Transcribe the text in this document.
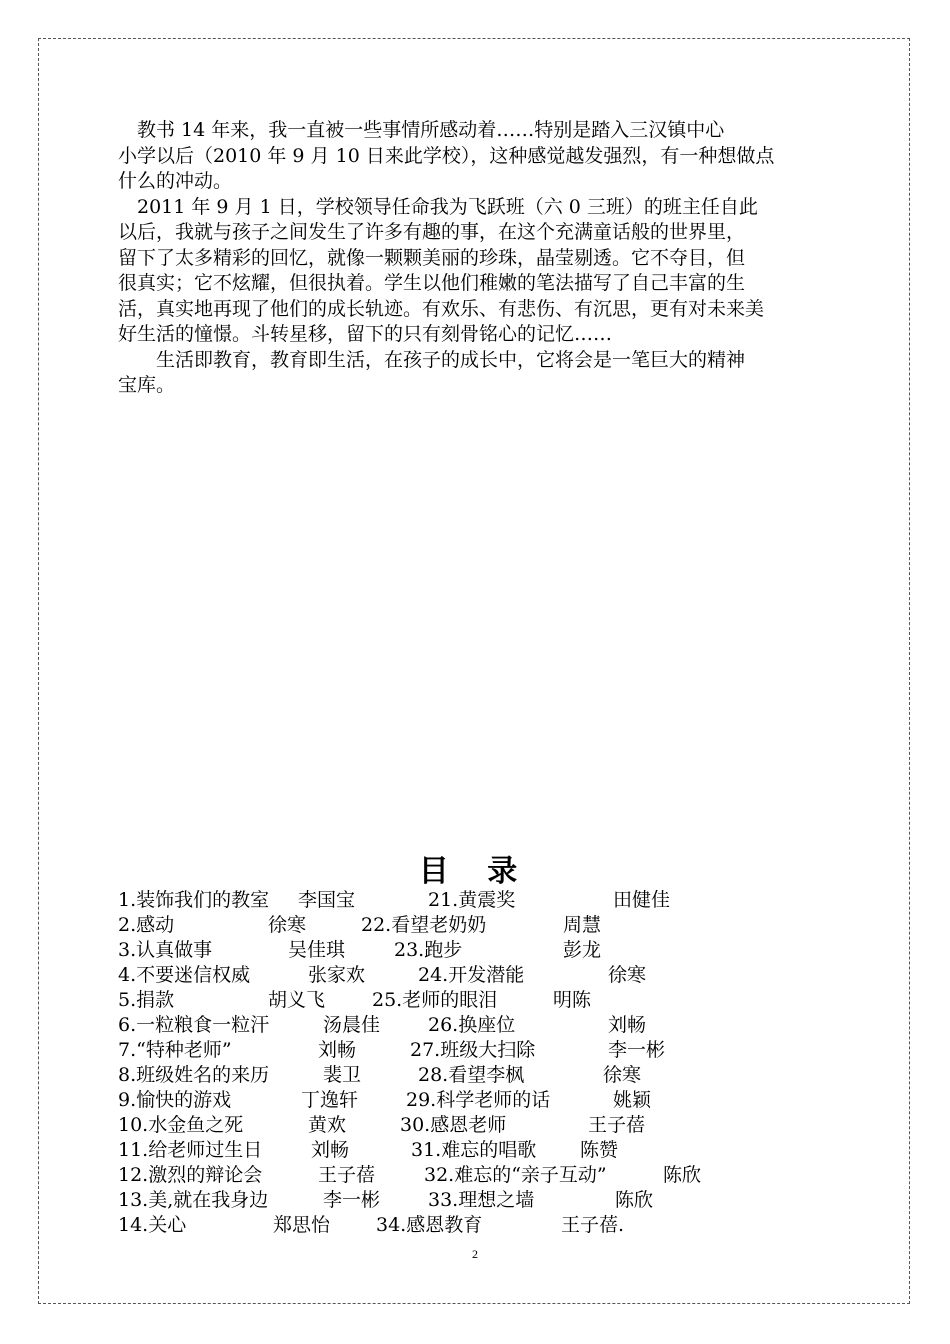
　教书 14 年来，我一直被一些事情所感动着……特别是踏入三汉镇中心

小学以后（2010 年 9 月 10 日来此学校），这种感觉越发强烈，有一种想做点

什么的冲动。

　2011 年 9 月 1 日，学校领导任命我为飞跃班（六 0 三班）的班主任自此

以后，我就与孩子之间发生了许多有趣的事，在这个充满童话般的世界里，

留下了太多精彩的回忆，就像一颗颗美丽的珍珠，晶莹剔透。它不夺目，但

很真实；它不炫耀，但很执着。学生以他们稚嫩的笔法描写了自己丰富的生

活，真实地再现了他们的成长轨迹。有欢乐、有悲伤、有沉思，更有对未来美

好生活的憧憬。斗转星移，留下的只有刻骨铭心的记忆……

　　生活即教育，教育即生活，在孩子的成长中，它将会是一笔巨大的精神

宝库。

目 录
1.装饰我们的教室 李国宝	21.黄震奖	田健佳
2.感动	徐寒	22.看望老奶奶	周慧
3.认真做事	吴佳琪	23.跑步	彭龙
4.不要迷信权威	张家欢	24.开发潜能	徐寒
5.捐款	胡义飞 25.老师的眼泪	明陈
6.一粒粮食一粒汗	汤晨佳	26.换座位	刘畅
7.“特种老师”	刘畅	27.班级大扫除	李一彬
8.班级姓名的来历	裴卫	28.看望李枫	徐寒
9.愉快的游戏	丁逸轩	29.科学老师的话	姚颖
10.水金鱼之死	黄欢	30.感恩老师	王子蓓
11.给老师过生日	刘畅	31.难忘的唱歌 陈赞
12.激烈的辩论会	王子蓓	32.难忘的“亲子互动”	陈欣
13.美,就在我身边	李一彬	33.理想之墙	陈欣
14.关心	郑思怡 34.感恩教育	王子蓓.
2
